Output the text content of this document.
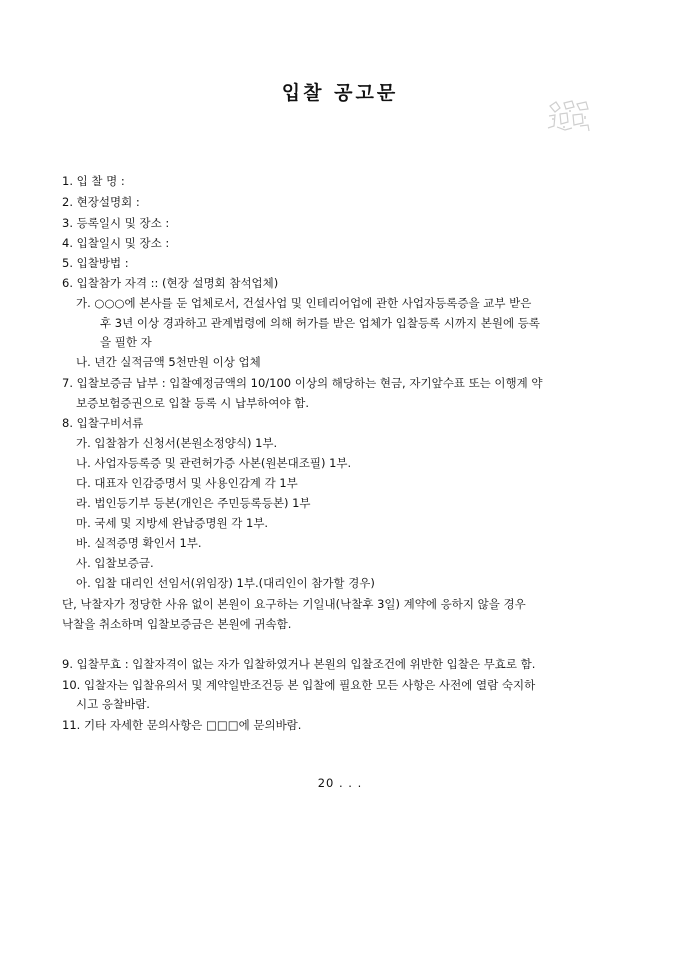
입찰 공고문
1. 입 찰 명 :
2. 현장설명회 :
3. 등록일시 및 장소 :
4. 입찰일시 및 장소 :
5. 입찰방법 :
6. 입찰참가 자격 :: (현장 설명회 참석업체)
가. ○○○에 본사를 둔 업체로서, 건설사업 및 인테리어업에 관한 사업자등록증을 교부 받은
후 3년 이상 경과하고 관계법령에 의해 허가를 받은 업체가 입찰등록 시까지 본원에 등록
을 필한 자
나. 년간 실적금액 5천만원 이상 업체
7. 입찰보증금 납부 : 입찰예정금액의 10/100 이상의 해당하는 현금, 자기앞수표 또는 이행계 약
보증보험증권으로 입찰 등록 시 납부하여야 함.
8. 입찰구비서류
가. 입찰참가 신청서(본원소정양식) 1부.
나. 사업자등록증 및 관련허가증 사본(원본대조필) 1부.
다. 대표자 인감증명서 및 사용인감계 각 1부
라. 법인등기부 등본(개인은 주민등록등본) 1부
마. 국세 및 지방세 완납증명원 각 1부.
바. 실적증명 확인서 1부.
사. 입찰보증금.
아. 입찰 대리인 선임서(위임장) 1부.(대리인이 참가할 경우)
단, 낙찰자가 정당한 사유 없이 본원이 요구하는 기일내(낙찰후 3일) 계약에 응하지 않을 경우
낙찰을 취소하며 입찰보증금은 본원에 귀속함.
9. 입찰무효 : 입찰자격이 없는 자가 입찰하였거나 본원의 입찰조건에 위반한 입찰은 무효로 함.
10. 입찰자는 입찰유의서 및 계약일반조건등 본 입찰에 필요한 모든 사항은 사전에 열람 숙지하
시고 응찰바람.
11. 기타 자세한 문의사항은 □□□에 문의바람.
20 . . .
